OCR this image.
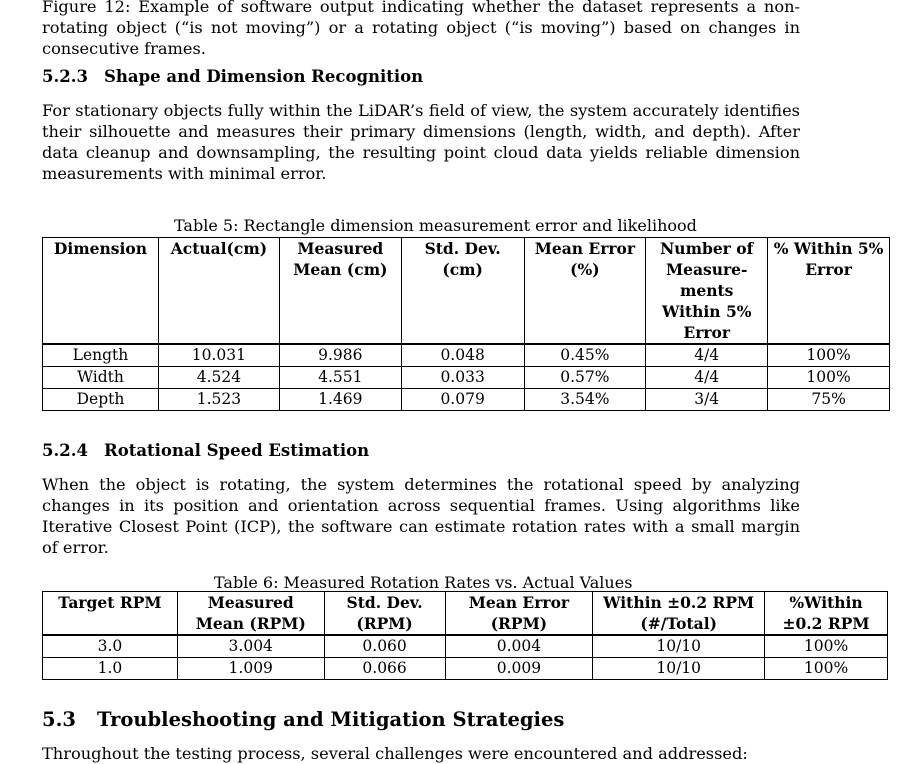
Figure 12: Example of software output indicating whether the dataset represents a non-rotating object (“is not moving”) or a rotating object (“is moving”) based on changes in consecutive frames.

5.2.3 Shape and Dimension Recognition

For stationary objects fully within the LiDAR’s field of view, the system accurately identifies their silhouette and measures their primary dimensions (length, width, and depth). After data cleanup and downsampling, the resulting point cloud data yields reliable dimension measurements with minimal error.

Table 5: Rectangle dimension measurement error and likelihood
Dimension	Actual(cm)	Measured Mean (cm)	Std. Dev. (cm)	Mean Error (%)	Number of Measure-ments Within 5% Error	% Within 5% Error
Length	10.031	9.986	0.048	0.45%	4/4	100%
Width	4.524	4.551	0.033	0.57%	4/4	100%
Depth	1.523	1.469	0.079	3.54%	3/4	75%
5.2.4 Rotational Speed Estimation

When the object is rotating, the system determines the rotational speed by analyzing changes in its position and orientation across sequential frames. Using algorithms like Iterative Closest Point (ICP), the software can estimate rotation rates with a small margin of error.

Table 6: Measured Rotation Rates vs. Actual Values
Target RPM	Measured Mean (RPM)	Std. Dev. (RPM)	Mean Error (RPM)	Within ±0.2 RPM (#/Total)	%Within ±0.2 RPM
3.0	3.004	0.060	0.004	10/10	100%
1.0	1.009	0.066	0.009	10/10	100%
5.3 Troubleshooting and Mitigation Strategies

Throughout the testing process, several challenges were encountered and addressed:
